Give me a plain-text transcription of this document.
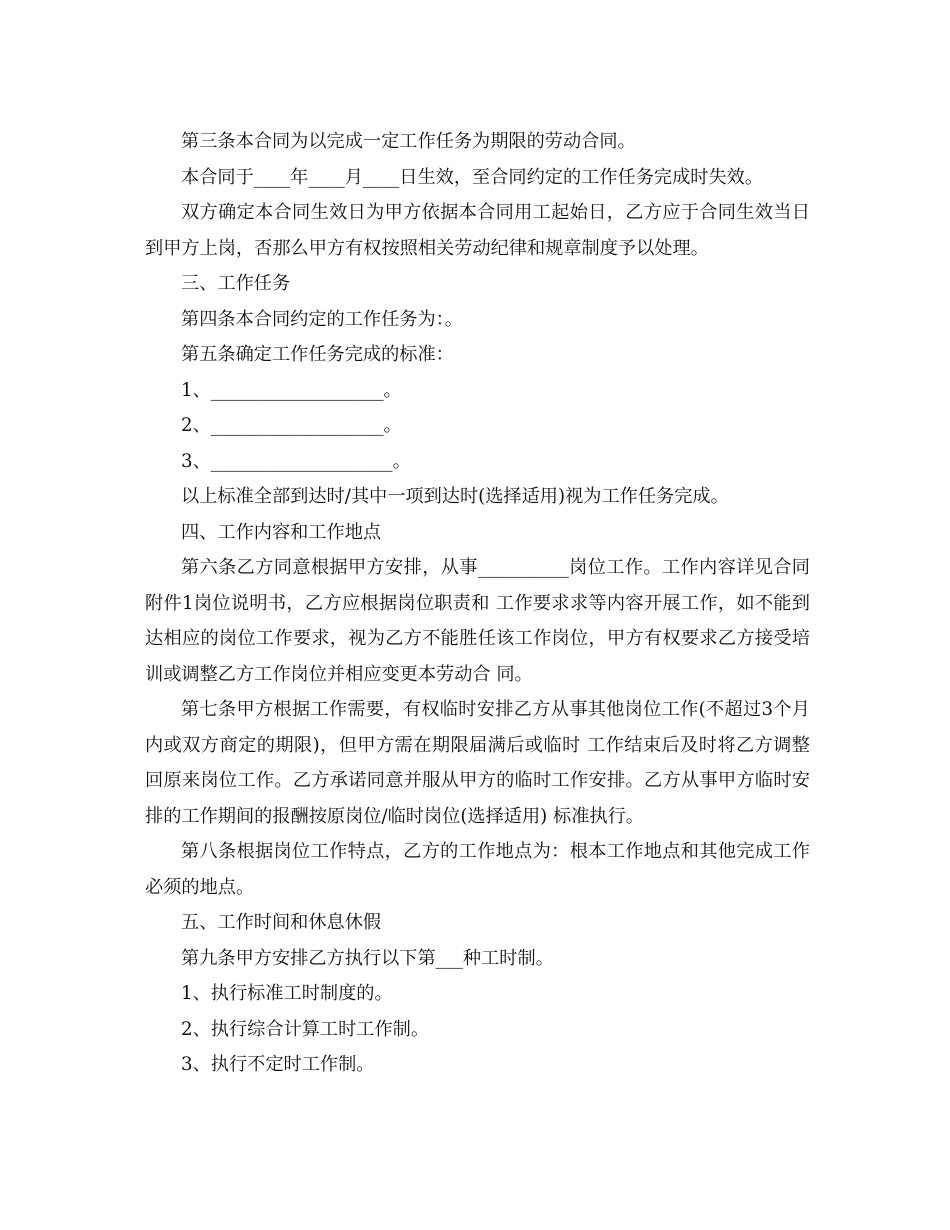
第三条本合同为以完成一定工作任务为期限的劳动合同。

本合同于____年____月____日生效，至合同约定的工作任务完成时失效。

双方确定本合同生效日为甲方依据本合同用工起始日，乙方应于合同生效当日到甲方上岗，否那么甲方有权按照相关劳动纪律和规章制度予以处理。

三、工作任务

第四条本合同约定的工作任务为：。

第五条确定工作任务完成的标准：

1、___________________。

2、___________________。

3、____________________。

以上标准全部到达时/其中一项到达时(选择适用)视为工作任务完成。

四、工作内容和工作地点

第六条乙方同意根据甲方安排，从事__________岗位工作。工作内容详见合同附件1岗位说明书，乙方应根据岗位职责和 工作要求求等内容开展工作，如不能到达相应的岗位工作要求，视为乙方不能胜任该工作岗位，甲方有权要求乙方接受培训或调整乙方工作岗位并相应变更本劳动合 同。

第七条甲方根据工作需要，有权临时安排乙方从事其他岗位工作(不超过3个月内或双方商定的期限)，但甲方需在期限届满后或临时 工作结束后及时将乙方调整回原来岗位工作。乙方承诺同意并服从甲方的临时工作安排。乙方从事甲方临时安排的工作期间的报酬按原岗位/临时岗位(选择适用) 标准执行。

第八条根据岗位工作特点，乙方的工作地点为：根本工作地点和其他完成工作必须的地点。

五、工作时间和休息休假

第九条甲方安排乙方执行以下第___种工时制。

1、执行标准工时制度的。

2、执行综合计算工时工作制。

3、执行不定时工作制。
